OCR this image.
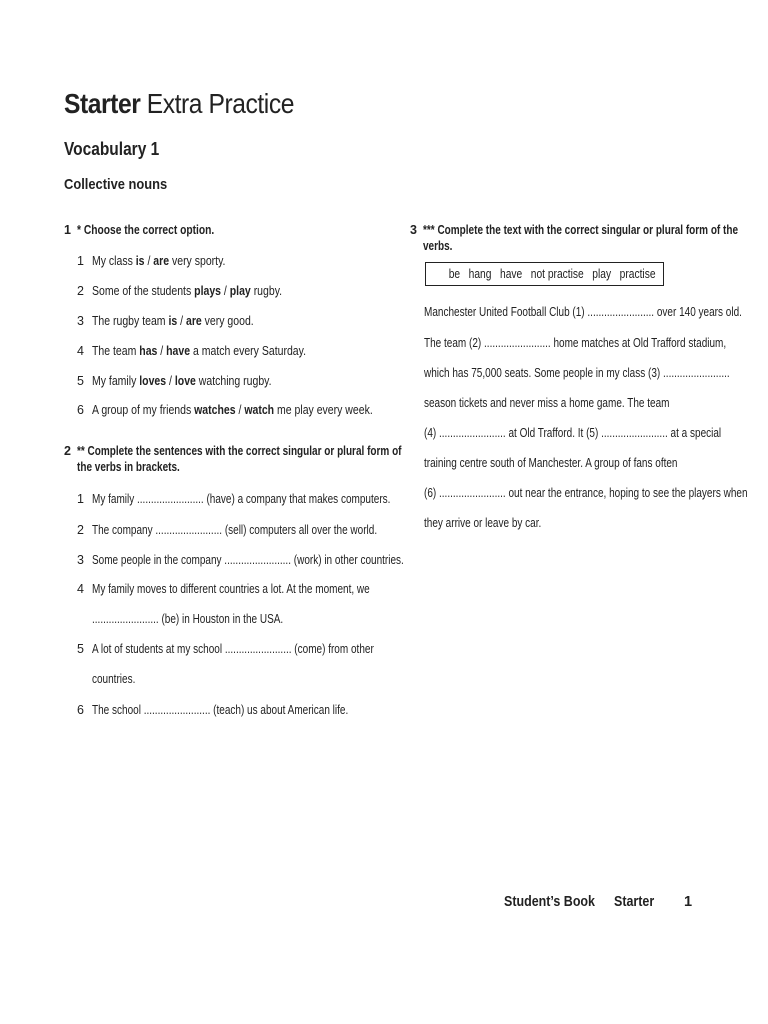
Starter Extra Practice
Vocabulary 1
Collective nouns
1 * Choose the correct option.
1 My class is / are very sporty.
2 Some of the students plays / play rugby.
3 The rugby team is / are very good.
4 The team has / have a match every Saturday.
5 My family loves / love watching rugby.
6 A group of my friends watches / watch me play every week.
2 ** Complete the sentences with the correct singular or plural form of
the verbs in brackets.
1 My family ........................ (have) a company that makes computers.
2 The company ........................ (sell) computers all over the world.
3 Some people in the company ........................ (work) in other countries.
4 My family moves to different countries a lot. At the moment, we
........................ (be) in Houston in the USA.
5 A lot of students at my school ........................ (come) from other
countries.
6 The school ........................ (teach) us about American life.
3 *** Complete the text with the correct singular or plural form of the
verbs.
be   hang   have   not practise   play   practise
Manchester United Football Club (1) ........................ over 140 years old.
The team (2) ........................ home matches at Old Trafford stadium,
which has 75,000 seats. Some people in my class (3) ........................
season tickets and never miss a home game. The team
(4) ........................ at Old Trafford. It (5) ........................ at a special
training centre south of Manchester. A group of fans often
(6) ........................ out near the entrance, hoping to see the players when
they arrive or leave by car.
Student’s Book	Starter	1
